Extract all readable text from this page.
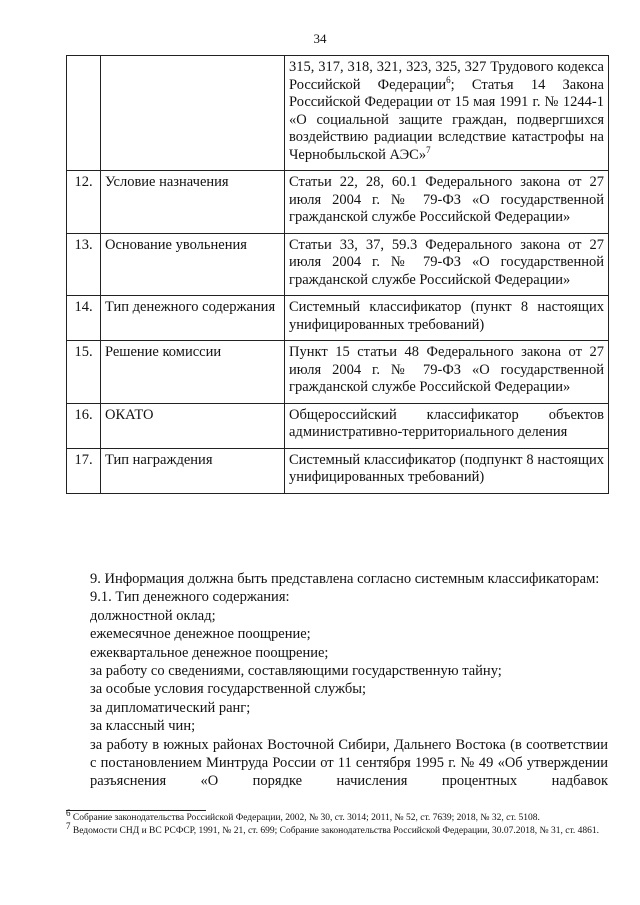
34
		315, 317, 318, 321, 323, 325, 327 Трудового кодекса Российской Федерации$^6$; Статья 14 Закона Российской Федерации от 15 мая 1991 г. № 1244-1 «О социальной защите граждан, подвергшихся воздействию радиации вследствие катастрофы на Чернобыльской АЭС»$^7$
12.	Условие назначения	Статьи 22, 28, 60.1 Федерального закона от 27 июля 2004 г. № 79-ФЗ «О государственной гражданской службе Российской Федерации»
13.	Основание увольнения	Статьи 33, 37, 59.3 Федерального закона от 27 июля 2004 г. № 79-ФЗ «О государственной гражданской службе Российской Федерации»
14.	Тип денежного содержания	Системный классификатор (пункт 8 настоящих унифицированных требований)
15.	Решение комиссии	Пункт 15 статьи 48 Федерального закона от 27 июля 2004 г. № 79-ФЗ «О государственной гражданской службе Российской Федерации»
16.	ОКАТО	Общероссийский классификатор объектов административно-территориального деления
17.	Тип награждения	Системный классификатор (подпункт 8 настоящих унифицированных требований)

9. Информация должна быть представлена согласно системным классификаторам:

9.1. Тип денежного содержания:

должностной оклад;

ежемесячное денежное поощрение;

ежеквартальное денежное поощрение;

за работу со сведениями, составляющими государственную тайну;

за особые условия государственной службы;

за дипломатический ранг;

за классный чин;

за работу в южных районах Восточной Сибири, Дальнего Востока (в соответствии с постановлением Минтруда России от 11 сентября 1995 г. № 49 «Об утверждении разъяснения «О порядке начисления процентных надбавок

$^6$ Собрание законодательства Российской Федерации, 2002, № 30, ст. 3014; 2011, № 52, ст. 7639; 2018, № 32, ст. 5108.

$^7$ Ведомости СНД и ВС РСФСР, 1991, № 21, ст. 699; Собрание законодательства Российской Федерации, 30.07.2018, № 31, ст. 4861.
